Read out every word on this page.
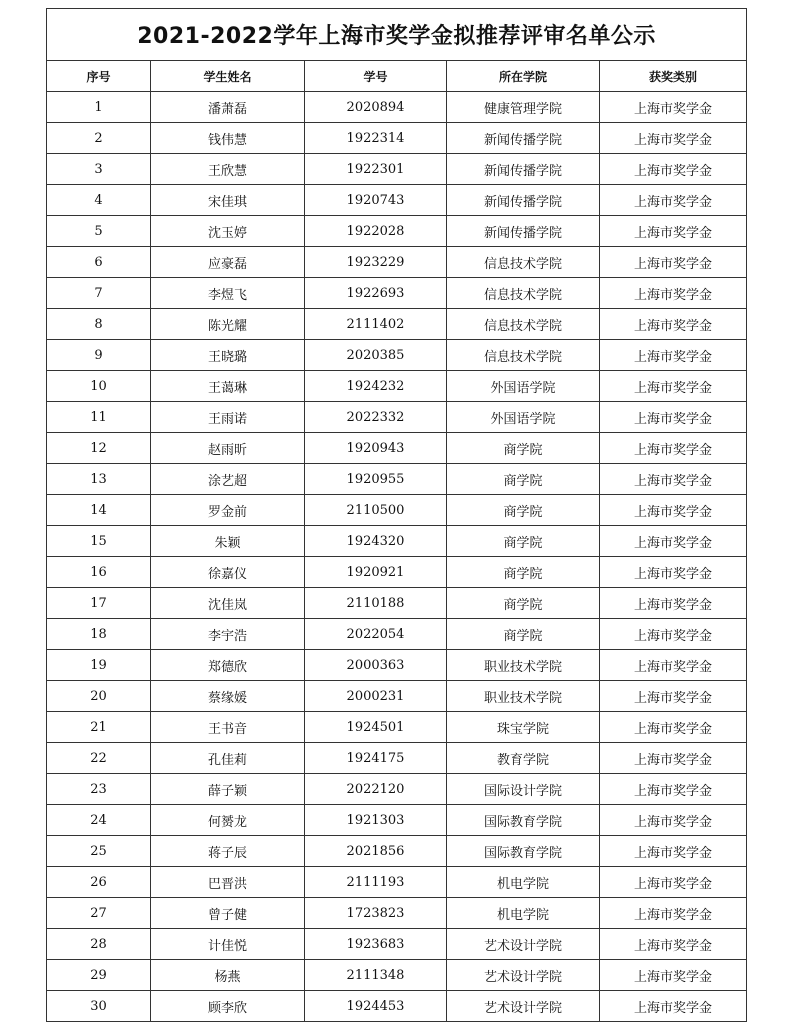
2021-2022学年上海市奖学金拟推荐评审名单公示				
序号	学生姓名	学号	所在学院	获奖类别
1	潘萧磊	2020894	健康管理学院	上海市奖学金
2	钱伟慧	1922314	新闻传播学院	上海市奖学金
3	王欣慧	1922301	新闻传播学院	上海市奖学金
4	宋佳琪	1920743	新闻传播学院	上海市奖学金
5	沈玉婷	1922028	新闻传播学院	上海市奖学金
6	应豪磊	1923229	信息技术学院	上海市奖学金
7	李煜飞	1922693	信息技术学院	上海市奖学金
8	陈光耀	2111402	信息技术学院	上海市奖学金
9	王晓璐	2020385	信息技术学院	上海市奖学金
10	王蔼琳	1924232	外国语学院	上海市奖学金
11	王雨诺	2022332	外国语学院	上海市奖学金
12	赵雨昕	1920943	商学院	上海市奖学金
13	涂艺超	1920955	商学院	上海市奖学金
14	罗金前	2110500	商学院	上海市奖学金
15	朱颖	1924320	商学院	上海市奖学金
16	徐嘉仪	1920921	商学院	上海市奖学金
17	沈佳岚	2110188	商学院	上海市奖学金
18	李宇浩	2022054	商学院	上海市奖学金
19	郑德欣	2000363	职业技术学院	上海市奖学金
20	蔡缘媛	2000231	职业技术学院	上海市奖学金
21	王书音	1924501	珠宝学院	上海市奖学金
22	孔佳莉	1924175	教育学院	上海市奖学金
23	薛子颖	2022120	国际设计学院	上海市奖学金
24	何赟龙	1921303	国际教育学院	上海市奖学金
25	蒋子辰	2021856	国际教育学院	上海市奖学金
26	巴晋洪	2111193	机电学院	上海市奖学金
27	曾子健	1723823	机电学院	上海市奖学金
28	计佳悦	1923683	艺术设计学院	上海市奖学金
29	杨燕	2111348	艺术设计学院	上海市奖学金
30	顾李欣	1924453	艺术设计学院	上海市奖学金
